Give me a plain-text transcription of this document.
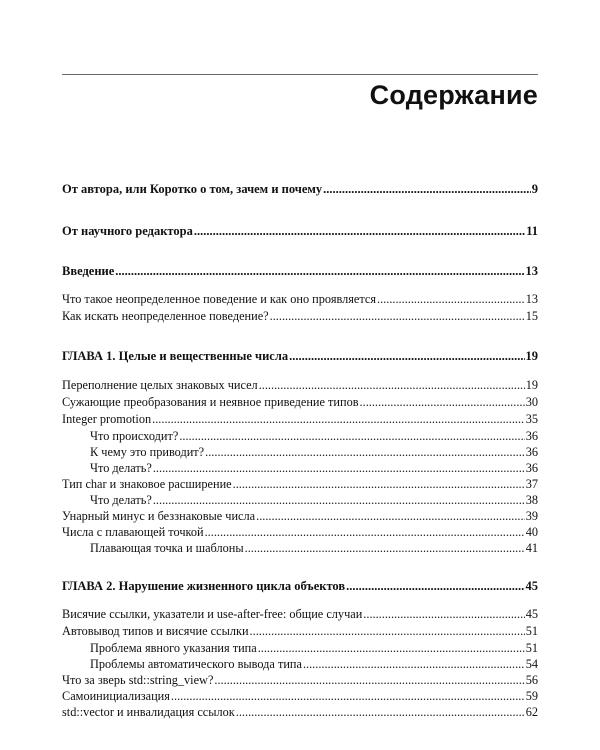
Содержание
От автора, или Коротко о том, зачем и почему .....	9
От научного редактора .....	11
Введение .....	13
Что такое неопределенное поведение и как оно проявляется .....	13
Как искать неопределенное поведение? .....	15
ГЛАВА 1. Целые и вещественные числа .....	19
Переполнение целых знаковых чисел .....	19
Сужающие преобразования и неявное приведение типов .....	30
Integer promotion .....	35
Что происходит? .....	36
К чему это приводит? .....	36
Что делать? .....	36
Тип char и знаковое расширение .....	37
Что делать? .....	38
Унарный минус и беззнаковые числа .....	39
Числа с плавающей точкой .....	40
Плавающая точка и шаблоны .....	41
ГЛАВА 2. Нарушение жизненного цикла объектов .....	45
Висячие ссылки, указатели и use-after-free: общие случаи .....	45
Автовывод типов и висячие ссылки .....	51
Проблема явного указания типа .....	51
Проблемы автоматического вывода типа .....	54
Что за зверь std::string_view? .....	56
Самоинициализация .....	59
std::vector и инвалидация ссылок .....	62
